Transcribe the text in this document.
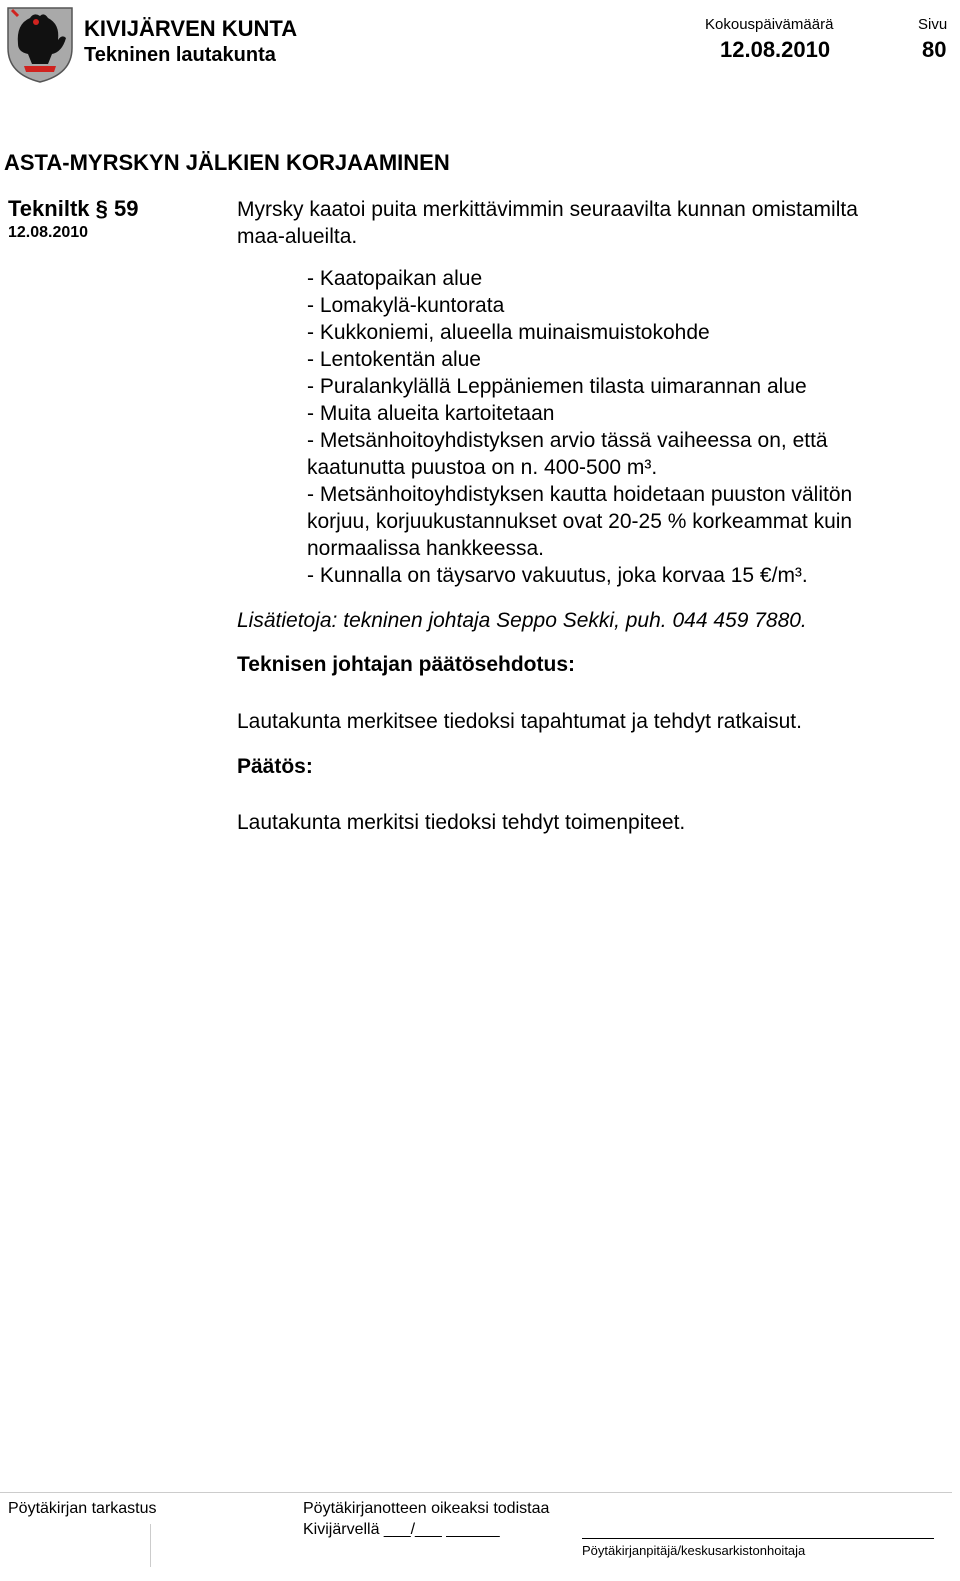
KIVIJÄRVEN KUNTA
Tekninen lautakunta
Kokouspäivämäärä
12.08.2010
Sivu
80
ASTA-MYRSKYN JÄLKIEN KORJAAMINEN
Tekniltk § 59
12.08.2010
Myrsky kaatoi puita merkittävimmin seuraavilta kunnan omistamilta
maa-alueilta.
- Kaatopaikan alue
- Lomakylä-kuntorata
- Kukkoniemi, alueella muinaismuistokohde
- Lentokentän alue
- Puralankylällä Leppäniemen tilasta uimarannan alue
- Muita alueita kartoitetaan
- Metsänhoitoyhdistyksen arvio tässä vaiheessa on, että
kaatunutta puustoa on n. 400-500 m³.
- Metsänhoitoyhdistyksen kautta hoidetaan puuston välitön
korjuu, korjuukustannukset ovat 20-25 % korkeammat kuin
normaalissa hankkeessa.
- Kunnalla on täysarvo vakuutus, joka korvaa 15 €/m³.
Lisätietoja: tekninen johtaja Seppo Sekki, puh. 044 459 7880.
Teknisen johtajan päätösehdotus:
Lautakunta merkitsee tiedoksi tapahtumat ja tehdyt ratkaisut.
Päätös:
Lautakunta merkitsi tiedoksi tehdyt toimenpiteet.
Pöytäkirjan tarkastus	Pöytäkirjanotteen oikeaksi todistaa
Kivijärvellä ___/___ ______
Pöytäkirjanpitäjä/keskusarkistonhoitaja
